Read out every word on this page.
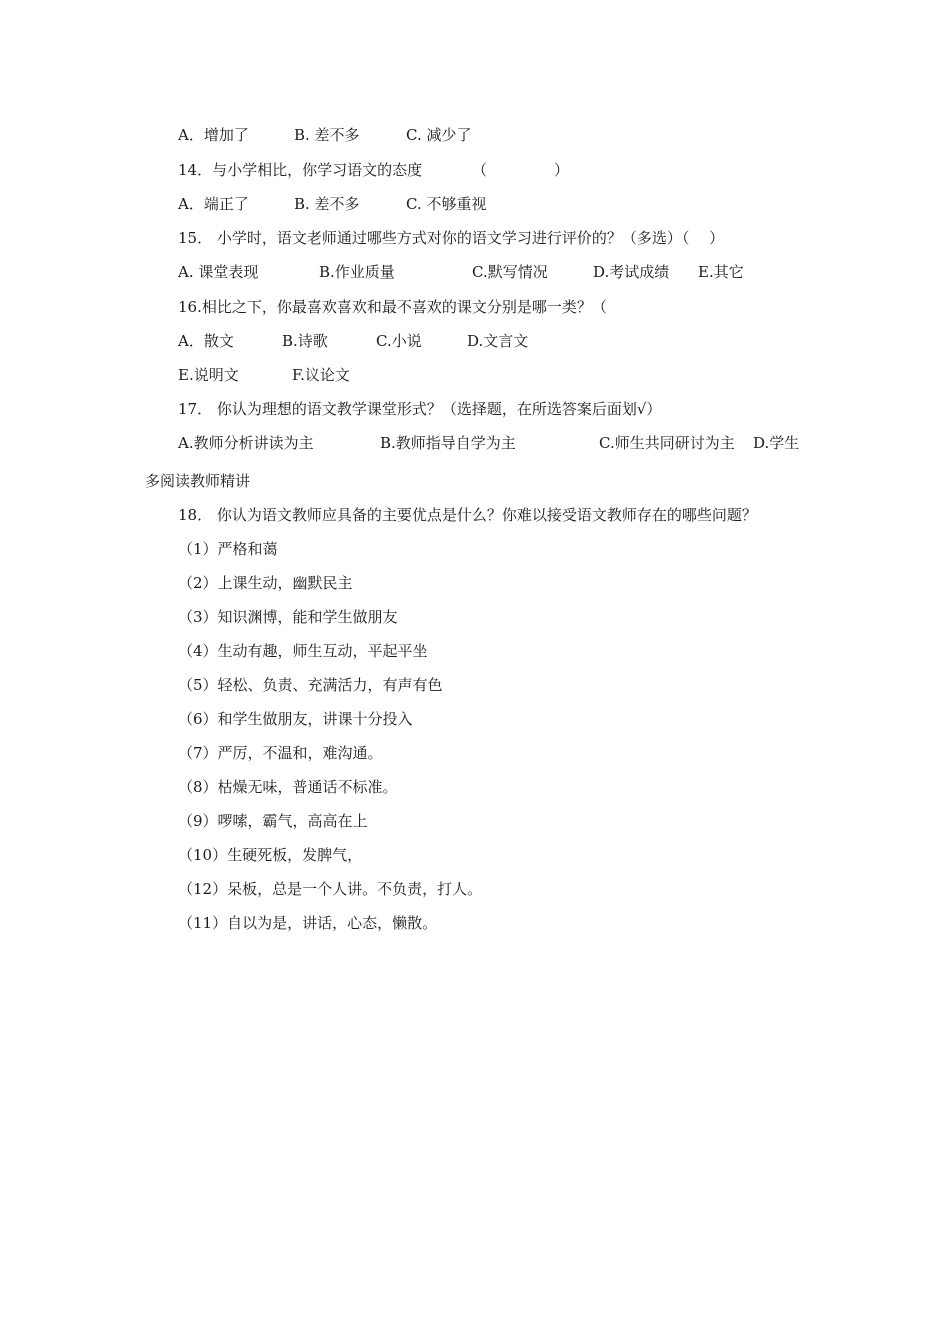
A．增加了	B. 差不多	C. 减少了
14．与小学相比，你学习语文的态度	（	）
A．端正了	B. 差不多	C. 不够重视
15． 小学时，语文老师通过哪些方式对你的语文学习进行评价的？（多选）（　 ）
A. 课堂表现	B.作业质量	C.默写情况	D.考试成绩 E.其它
16.相比之下，你最喜欢喜欢和最不喜欢的课文分别是哪一类？（
A．散文	B.诗歌	C.小说	D.文言文
E.说明文	F.议论文
17． 你认为理想的语文教学课堂形式？（选择题，在所选答案后面划√）
A.教师分析讲读为主	B.教师指导自学为主	C.师生共同研讨为主 D.学生
多阅读教师精讲
18． 你认为语文教师应具备的主要优点是什么？你难以接受语文教师存在的哪些问题？
（1）严格和蔼
（2）上课生动，幽默民主
（3）知识渊博，能和学生做朋友
（4）生动有趣，师生互动，平起平坐
（5）轻松、负责、充满活力，有声有色
（6）和学生做朋友，讲课十分投入
（7）严厉，不温和，难沟通。
（8）枯燥无味，普通话不标准。
（9）啰嗦，霸气，高高在上
（10）生硬死板，发脾气，
（12）呆板，总是一个人讲。不负责，打人。
（11）自以为是，讲话，心态，懒散。
